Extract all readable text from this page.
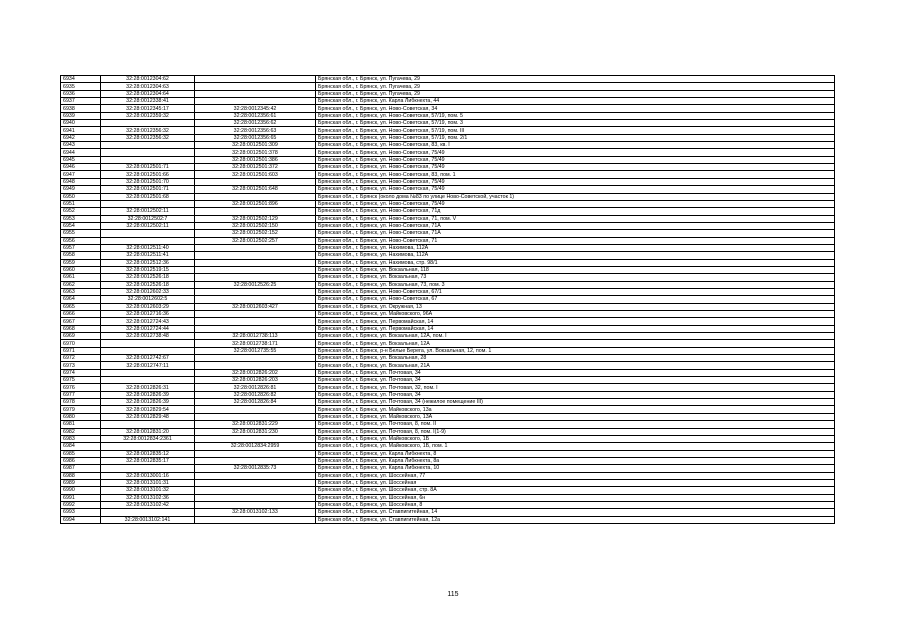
6934	32:28:0012304:62		Брянская обл., г. Брянск, ул. Пугачева, 29
6935	32:28:0012304:63		Брянская обл., г. Брянск, ул. Пугачева, 29
6936	32:28:0012304:64		Брянская обл., г. Брянск, ул. Пугачева, 29
6937	32:28:0012338:41		Брянская обл., г. Брянск, ул. Карла Либкнехта, 44
6938	32:28:0012345:17	32:28:0012345:42	Брянская обл., г. Брянск, ул. Ново-Советская, 34
6939	32:28:0012359:32	32:28:0012356:61	Брянская обл., г. Брянск, ул. Ново-Советская, 57/19, пом. 5
6940		32:28:0012356:62	Брянская обл., г. Брянск, ул. Ново-Советская, 57/19, пом. 3
6941	32:28:0012356:32	32:28:0012356:63	Брянская обл., г. Брянск, ул. Ново-Советская, 57/19, пом. III
6942	32:28:0012356:32	32:28:0012356:65	Брянская обл., г. Брянск, ул. Ново-Советская, 57/19, пом. 2/1
6943		32:28:0012501:309	Брянская обл., г. Брянск, ул. Ново-Советская, 83, кв. I
6944		32:28:0012501:378	Брянская обл., г. Брянск, ул. Ново-Советская, 75/49
6945		32:28:0012501:386	Брянская обл., г. Брянск, ул. Ново-Советская, 75/49
6946	32:28:0012501:71	32:28:0012501:372	Брянская обл., г. Брянск, ул. Ново-Советская, 75/49
6947	32:28:0012501:66	32:28:0012501:603	Брянская обл., г. Брянск, ул. Ново-Советская, 83, пом. 1
6948	32:28:0012501:70		Брянская обл., г. Брянск, ул. Ново-Советская, 75/49
6949	32:28:0012501:71	32:28:0012501:648	Брянская обл., г. Брянск, ул. Ново-Советская, 75/49
6950	32:28:0012501:68		Брянская обл., г. Брянск (около дома №83 по улице Ново-Советской, участок 1)
6951		32:28:0012501:896	Брянская обл., г. Брянск, ул. Ново-Советская, 75/49
6952	32:28:0012502:11		Брянская обл., г. Брянск, ул. Ново-Советская, 71д
6953	32:28:0012502:7	32:28:0012502:129	Брянская обл., г. Брянск, ул. Ново-Советская, 71, пом. V
6954	32:28:0012502:11	32:28:0012502:150	Брянская обл., г. Брянск, ул. Ново-Советская, 71А
6955		32:28:0012502:152	Брянская обл., г. Брянск, ул. Ново-Советская, 71А
6956		32:28:0012502:257	Брянская обл., г. Брянск, ул. Ново-Советская, 71
6957	32:28:0012511:40		Брянская обл., г. Брянск, ул. Нахимова, 112А
6958	32:28:0012511:41		Брянская обл., г. Брянск, ул. Нахимова, 112А
6959	32:28:0012512:36		Брянская обл., г. Брянск, ул. Нахимова, стр. 98/1
6960	32:28:0012519:15		Брянская обл., г. Брянск, ул. Вокзальная, 118
6961	32:28:0012526:18		Брянская обл., г. Брянск, ул. Вокзальная, 73
6962	32:28:0012526:18	32:28:0012526:25	Брянская обл., г. Брянск, ул. Вокзальная, 73, пом. 3
6963	32:28:0012602:33		Брянская обл., г. Брянск, ул. Ново-Советская, 67/1
6964	32:28:0012602:5		Брянская обл., г. Брянск, ул. Ново-Советская, 67
6965	32:28:0012603:29	32:28:0012603:427	Брянская обл., г. Брянск, ул. Окружная, 13
6966	32:28:0012716:36		Брянская обл., г. Брянск, ул. Майковского, 96А
6967	32:28:0012724:43		Брянская обл., г. Брянск, ул. Первомайская, 14
6968	32:28:0012724:44		Брянская обл., г. Брянск, ул. Первомайская, 14
6969	32:28:0012738:48	32:28:0012738:113	Брянская обл., г. Брянск, ул. Вокзальная, 12А, пом. I
6970		32:28:0012738:171	Брянская обл., г. Брянск, ул. Вокзальная, 12А
6971		32:28:0012735:55	Брянская обл., г. Брянск, р-н Белые Берега, ул. Вокзальная, 12, пом. 1
6972	32:28:0012742:67		Брянская обл., г. Брянск, ул. Вокзальная, 28
6973	32:28:0012747:11		Брянская обл., г. Брянск, ул. Вокзальная, 21А
6974		32:28:0012826:202	Брянская обл., г. Брянск, ул. Почтовая, 34
6975		32:28:0012826:203	Брянская обл., г. Брянск, ул. Почтовая, 34
6976	32:28:0012826:31	32:28:0012826:81	Брянская обл., г. Брянск, ул. Почтовая, 32, пом. I
6977	32:28:0012826:39	32:28:0012826:82	Брянская обл., г. Брянск, ул. Почтовая, 34
6978	32:28:0012826:39	32:28:0012826:84	Брянская обл., г. Брянск, ул. Почтовая, 34 (нежилое помещение III)
6979	32:28:0012829:54		Брянская обл., г. Брянск, ул. Майковского, 13а
6980	32:28:0012829:48		Брянская обл., г. Брянск, ул. Майковского, 13А
6981		32:28:0012831:229	Брянская обл., г. Брянск, ул. Почтовая, 8, пом. II
6982	32:28:0012831:20	32:28:0012831:230	Брянская обл., г. Брянск, ул. Почтовая, 8, пом. I(1-9)
6983	32:28:0012834:2361		Брянская обл., г. Брянск, ул. Майковского, 1Б
6984		32:28:0012834:2959	Брянская обл., г. Брянск, ул. Майковского, 1Б, пом. 1
6985	32:28:0012835:12		Брянская обл., г. Брянск, ул. Карла Либкнехта, 8
6986	32:28:0012835:17		Брянская обл., г. Брянск, ул. Карла Либкнехта, 8а
6987		32:28:0012835:73	Брянская обл., г. Брянск, ул. Карла Либкнехта, 10
6988	32:28:0013001:16		Брянская обл., г. Брянск, ул. Шоссейная, 77
6989	32:28:0013101:31		Брянская обл., г. Брянск, ул. Шоссейная
6990	32:28:0013101:32		Брянская обл., г. Брянск, ул. Шоссейная, стр. 8А
6991	32:28:0013102:36		Брянская обл., г. Брянск, ул. Шоссейная, 6н
6992	32:28:0013102:42		Брянская обл., г. Брянск, ул. Шоссейная, 8
6993		32:28:0013102:133	Брянская обл., г. Брянск, ул. Ставпигитейная, 14
6994	32:28:0013102:141		Брянская обл., г. Брянск, ул. Ставпигитейная, 12а
115
